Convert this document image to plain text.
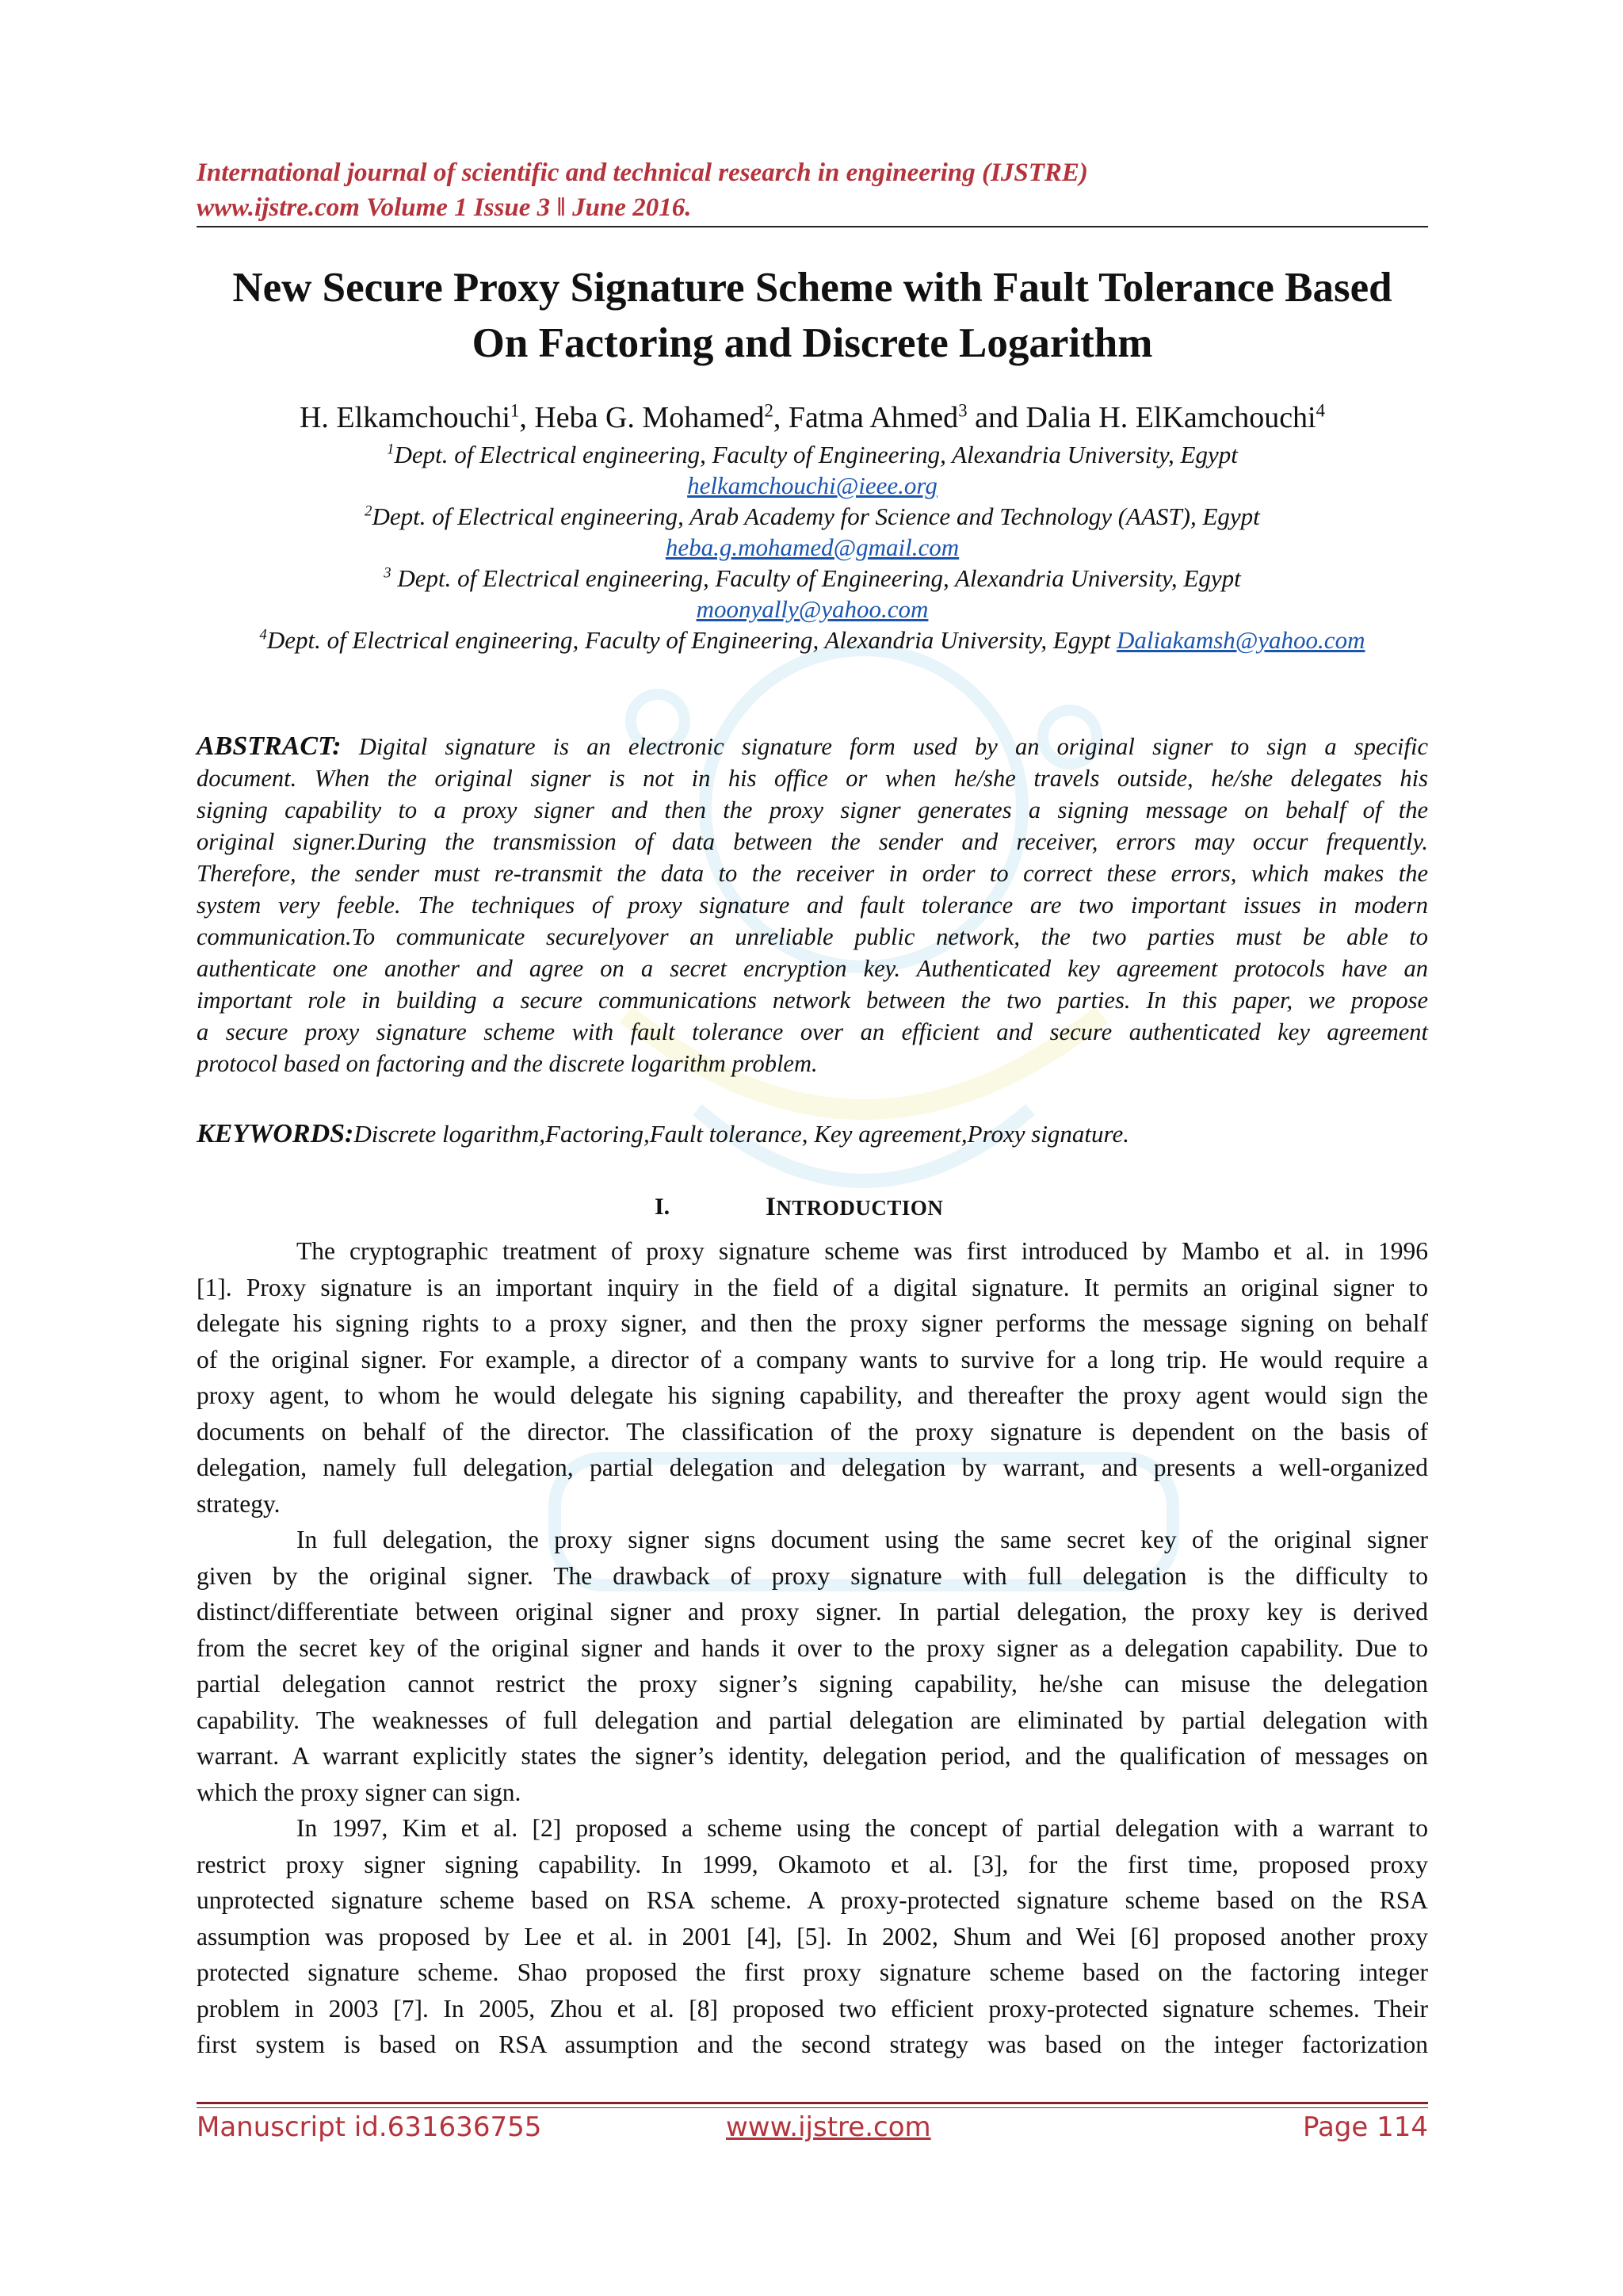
International journal of scientific and technical research in engineering (IJSTRE)
www.ijstre.com Volume 1 Issue 3 ‖ June 2016.
New Secure Proxy Signature Scheme with Fault Tolerance Based
On Factoring and Discrete Logarithm
H. Elkamchouchi$^1$, Heba G. Mohamed$^2$, Fatma Ahmed$^3$ and Dalia H. ElKamchouchi$^4$
$^1$Dept. of Electrical engineering, Faculty of Engineering, Alexandria University, Egypt
helkamchouchi@ieee.org
$^2$Dept. of Electrical engineering, Arab Academy for Science and Technology (AAST), Egypt
heba.g.mohamed@gmail.com
$^3$ Dept. of Electrical engineering, Faculty of Engineering, Alexandria University, Egypt
moonyally@yahoo.com
$^4$Dept. of Electrical engineering, Faculty of Engineering, Alexandria University, Egypt Daliakamsh@yahoo.com
ABSTRACT: Digital signature is an electronic signature form used by an original signer to sign a specific
document. When the original signer is not in his office or when he/she travels outside, he/she delegates his
signing capability to a proxy signer and then the proxy signer generates a signing message on behalf of the
original signer.During the transmission of data between the sender and receiver, errors may occur frequently.
Therefore, the sender must re-transmit the data to the receiver in order to correct these errors, which makes the
system very feeble. The techniques of proxy signature and fault tolerance are two important issues in modern
communication.To communicate securelyover an unreliable public network, the two parties must be able to
authenticate one another and agree on a secret encryption key. Authenticated key agreement protocols have an
important role in building a secure communications network between the two parties. In this paper, we propose
a secure proxy signature scheme with fault tolerance over an efficient and secure authenticated key agreement
protocol based on factoring and the discrete logarithm problem.
KEYWORDS:Discrete logarithm,Factoring,Fault tolerance, Key agreement,Proxy signature.
I.	INTRODUCTION
The cryptographic treatment of proxy signature scheme was first introduced by Mambo et al. in 1996
[1]. Proxy signature is an important inquiry in the field of a digital signature. It permits an original signer to
delegate his signing rights to a proxy signer, and then the proxy signer performs the message signing on behalf
of the original signer. For example, a director of a company wants to survive for a long trip. He would require a
proxy agent, to whom he would delegate his signing capability, and thereafter the proxy agent would sign the
documents on behalf of the director. The classification of the proxy signature is dependent on the basis of
delegation, namely full delegation, partial delegation and delegation by warrant, and presents a well-organized
strategy.
In full delegation, the proxy signer signs document using the same secret key of the original signer
given by the original signer. The drawback of proxy signature with full delegation is the difficulty to
distinct/differentiate between original signer and proxy signer. In partial delegation, the proxy key is derived
from the secret key of the original signer and hands it over to the proxy signer as a delegation capability. Due to
partial delegation cannot restrict the proxy signer’s signing capability, he/she can misuse the delegation
capability. The weaknesses of full delegation and partial delegation are eliminated by partial delegation with
warrant. A warrant explicitly states the signer’s identity, delegation period, and the qualification of messages on
which the proxy signer can sign.
In 1997, Kim et al. [2] proposed a scheme using the concept of partial delegation with a warrant to
restrict proxy signer signing capability. In 1999, Okamoto et al. [3], for the first time, proposed proxy
unprotected signature scheme based on RSA scheme. A proxy-protected signature scheme based on the RSA
assumption was proposed by Lee et al. in 2001 [4], [5]. In 2002, Shum and Wei [6] proposed another proxy
protected signature scheme. Shao proposed the first proxy signature scheme based on the factoring integer
problem in 2003 [7]. In 2005, Zhou et al. [8] proposed two efficient proxy-protected signature schemes. Their
first system is based on RSA assumption and the second strategy was based on the integer factorization
Manuscript id.631636755	www.ijstre.com	Page 114
